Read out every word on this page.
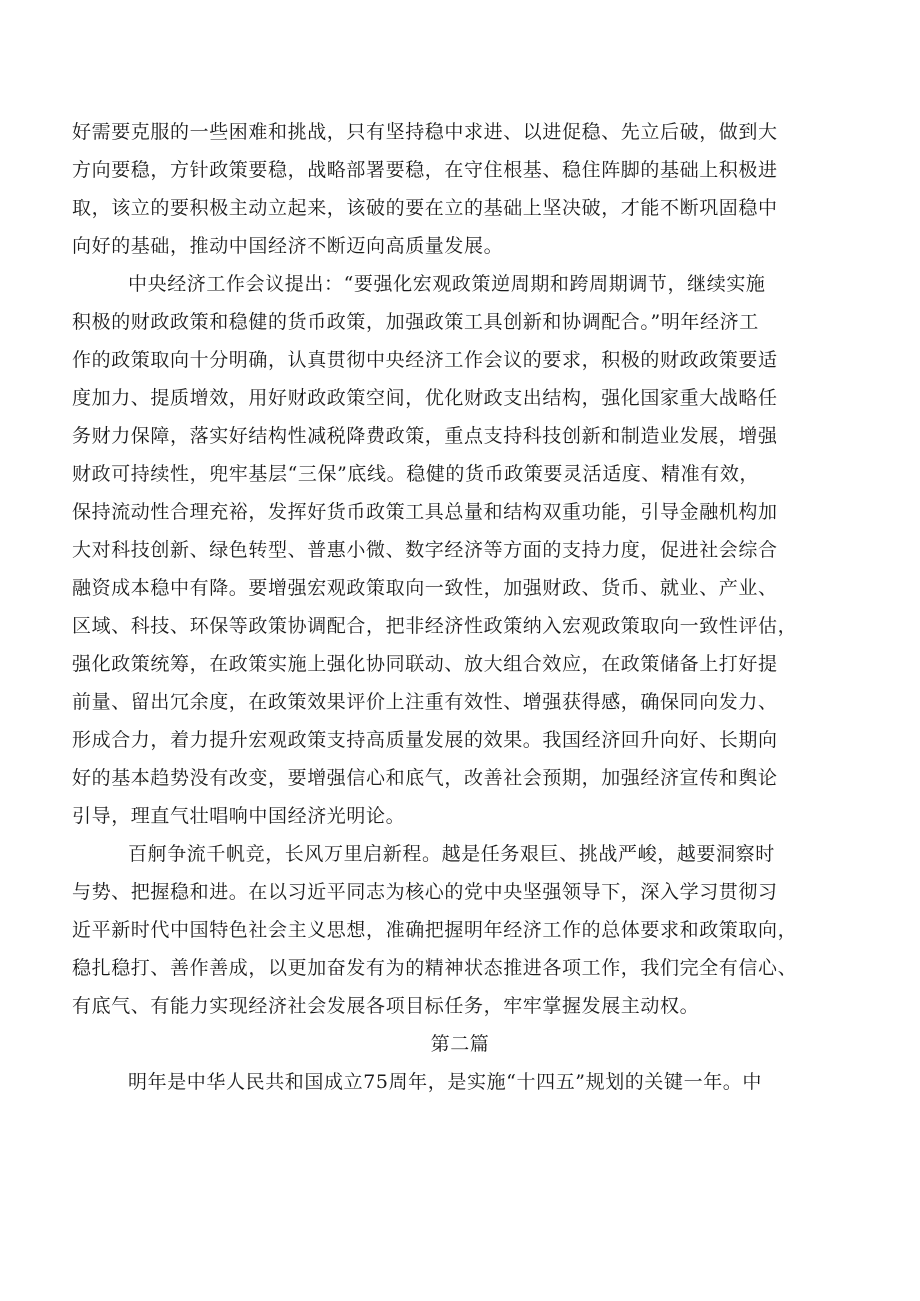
好需要克服的一些困难和挑战，只有坚持稳中求进、以进促稳、先立后破，做到大
方向要稳，方针政策要稳，战略部署要稳，在守住根基、稳住阵脚的基础上积极进
取，该立的要积极主动立起来，该破的要在立的基础上坚决破，才能不断巩固稳中
向好的基础，推动中国经济不断迈向高质量发展。
中央经济工作会议提出：“要强化宏观政策逆周期和跨周期调节，继续实施
积极的财政政策和稳健的货币政策，加强政策工具创新和协调配合。”明年经济工
作的政策取向十分明确，认真贯彻中央经济工作会议的要求，积极的财政政策要适
度加力、提质增效，用好财政政策空间，优化财政支出结构，强化国家重大战略任
务财力保障，落实好结构性减税降费政策，重点支持科技创新和制造业发展，增强
财政可持续性，兜牢基层“三保”底线。稳健的货币政策要灵活适度、精准有效，
保持流动性合理充裕，发挥好货币政策工具总量和结构双重功能，引导金融机构加
大对科技创新、绿色转型、普惠小微、数字经济等方面的支持力度，促进社会综合
融资成本稳中有降。要增强宏观政策取向一致性，加强财政、货币、就业、产业、
区域、科技、环保等政策协调配合，把非经济性政策纳入宏观政策取向一致性评估，
强化政策统筹，在政策实施上强化协同联动、放大组合效应，在政策储备上打好提
前量、留出冗余度，在政策效果评价上注重有效性、增强获得感，确保同向发力、
形成合力，着力提升宏观政策支持高质量发展的效果。我国经济回升向好、长期向
好的基本趋势没有改变，要增强信心和底气，改善社会预期，加强经济宣传和舆论
引导，理直气壮唱响中国经济光明论。
百舸争流千帆竞，长风万里启新程。越是任务艰巨、挑战严峻，越要洞察时
与势、把握稳和进。在以习近平同志为核心的党中央坚强领导下，深入学习贯彻习
近平新时代中国特色社会主义思想，准确把握明年经济工作的总体要求和政策取向，
稳扎稳打、善作善成，以更加奋发有为的精神状态推进各项工作，我们完全有信心、
有底气、有能力实现经济社会发展各项目标任务，牢牢掌握发展主动权。
第二篇
明年是中华人民共和国成立75周年，是实施“十四五”规划的关键一年。中
